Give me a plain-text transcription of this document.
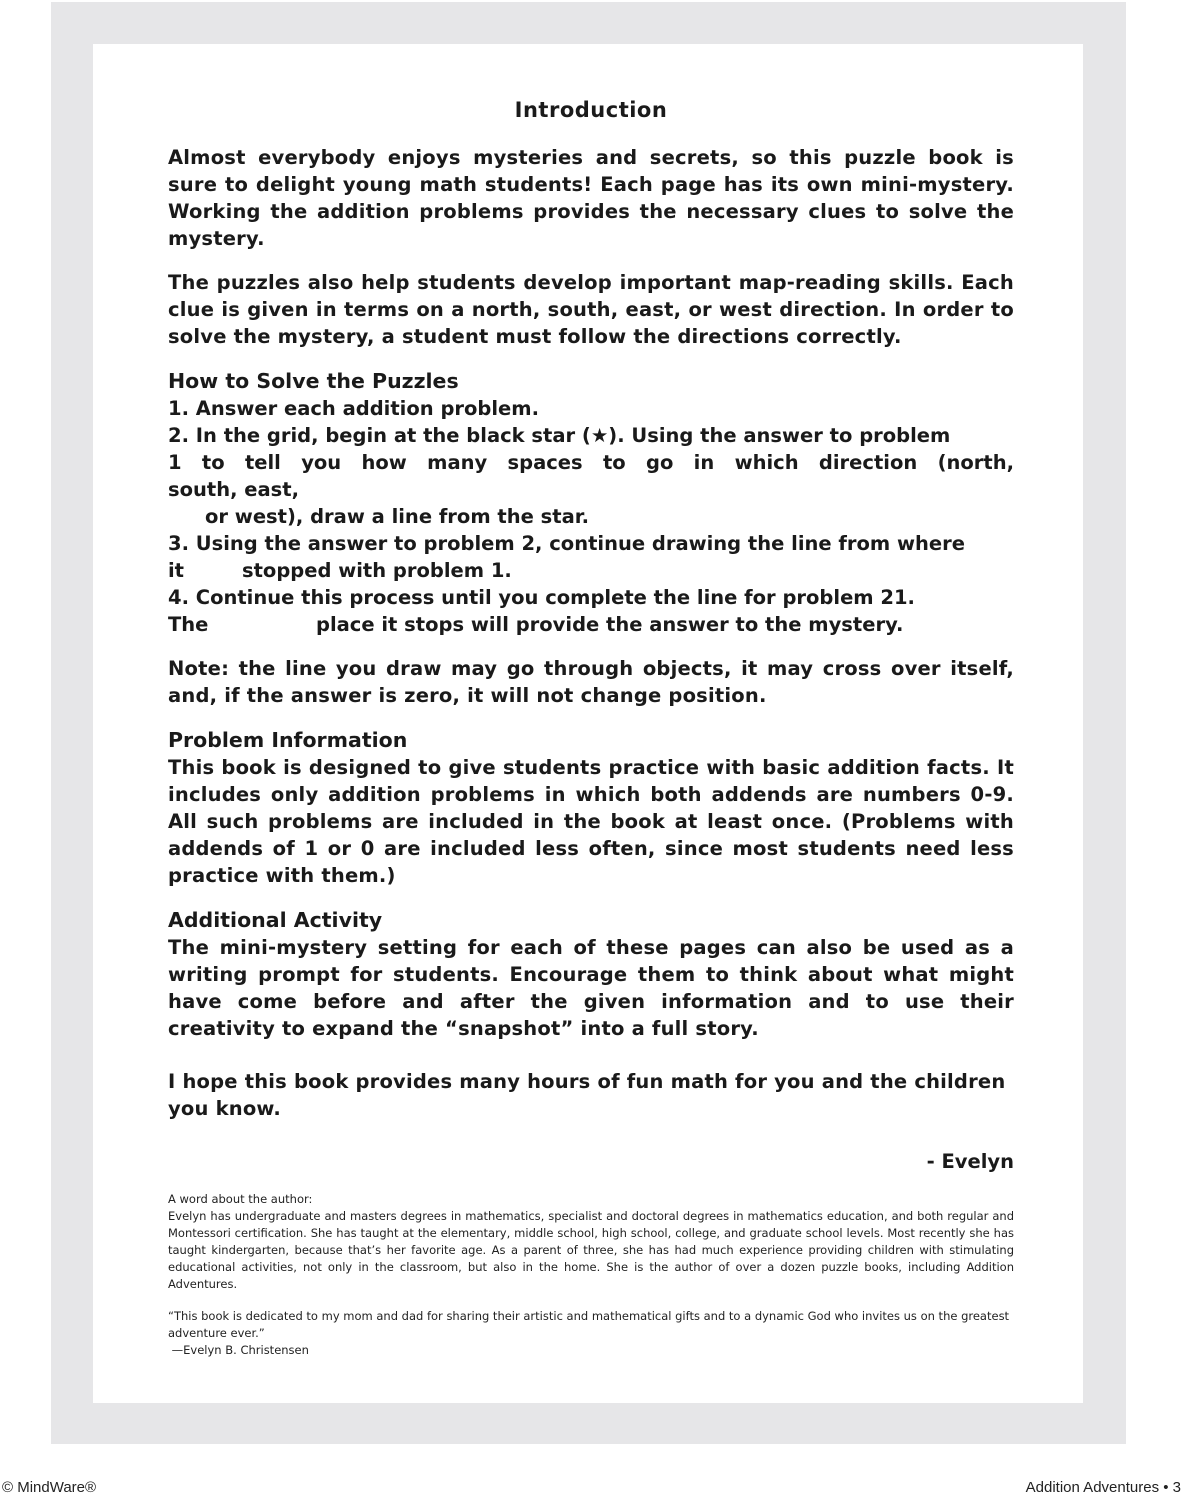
Introduction

Almost everybody enjoys mysteries and secrets, so this puzzle book is sure to delight young math students! Each page has its own mini-mystery. Working the addition problems provides the necessary clues to solve the mystery.

The puzzles also help students develop important map-reading skills. Each clue is given in terms on a north, south, east, or west direction. In order to solve the mystery, a student must follow the directions correctly.

How to Solve the Puzzles

1. Answer each addition problem.

2. In the grid, begin at the black star (★). Using the answer to problem

1 to tell you how many spaces to go in which direction (north,

south, east,

or west), draw a line from the star.

3. Using the answer to problem 2, continue drawing the line from where

it	stopped with problem 1.

4. Continue this process until you complete the line for problem 21.

The	place it stops will provide the answer to the mystery.

Note: the line you draw may go through objects, it may cross over itself, and, if the answer is zero, it will not change position.

Problem Information

This book is designed to give students practice with basic addition facts. It includes only addition problems in which both addends are numbers 0-9. All such problems are included in the book at least once. (Problems with addends of 1 or 0 are included less often, since most students need less practice with them.)

Additional Activity

The mini-mystery setting for each of these pages can also be used as a writing prompt for students. Encourage them to think about what might have come before and after the given information and to use their creativity to expand the “snapshot” into a full story.

I hope this book provides many hours of fun math for you and the children you know.

- Evelyn

A word about the author:

Evelyn has undergraduate and masters degrees in mathematics, specialist and doctoral degrees in mathematics education, and both regular and Montessori certification. She has taught at the elementary, middle school, high school, college, and graduate school levels. Most recently she has taught kindergarten, because that’s her favorite age. As a parent of three, she has had much experience providing children with stimulating educational activities, not only in the classroom, but also in the home. She is the author of over a dozen puzzle books, including Addition Adventures.

“This book is dedicated to my mom and dad for sharing their artistic and mathematical gifts and to a dynamic God who invites us on the greatest adventure ever.”

—Evelyn B. Christensen

© MindWare®	Addition Adventures • 3
